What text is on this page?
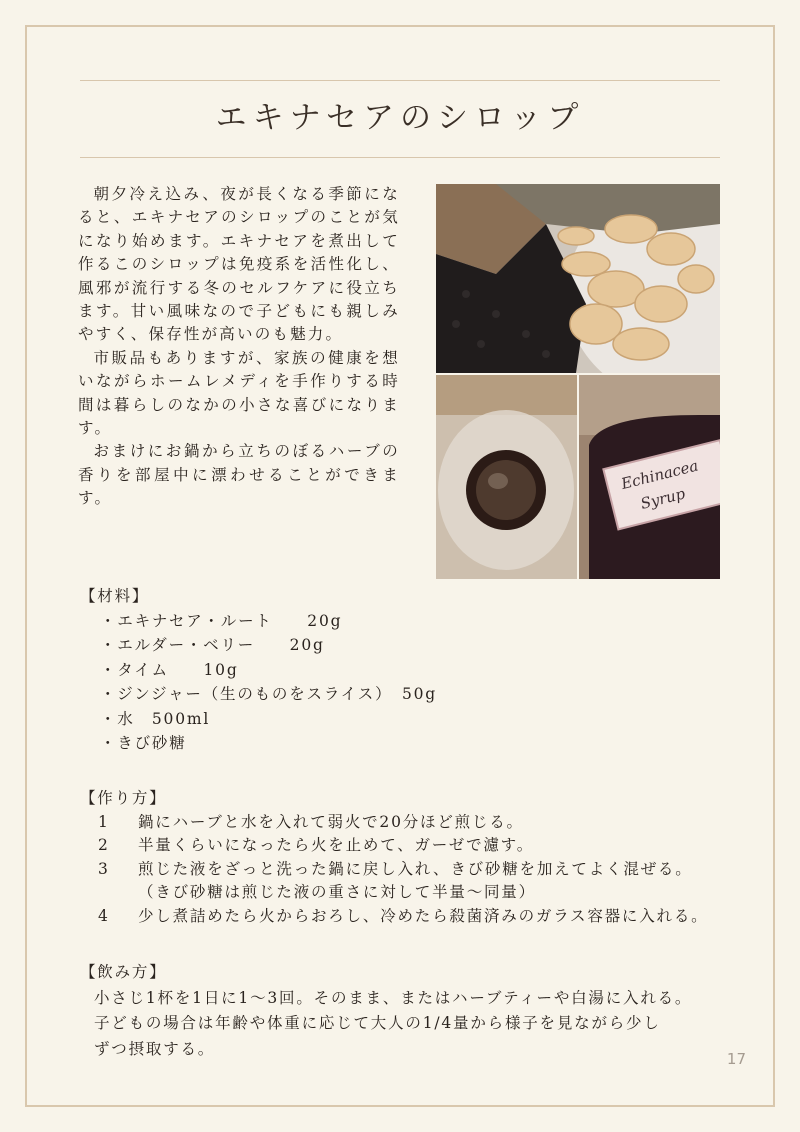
エキナセアのシロップ

朝夕冷え込み、夜が長くなる季節になると、エキナセアのシロップのことが気になり始めます。エキナセアを煮出して作るこのシロップは免疫系を活性化し、風邪が流行する冬のセルフケアに役立ちます。甘い風味なので子どもにも親しみやすく、保存性が高いのも魅力。

市販品もありますが、家族の健康を想いながらホームレメディを手作りする時間は暮らしのなかの小さな喜びになります。

おまけにお鍋から立ちのぼるハーブの香りを部屋中に漂わせることができます。

Echinacea
Syrup

【材料】

・エキナセア・ルート　　20g
・エルダー・ベリー　　20g
・タイム　　10g
・ジンジャー（生のものをスライス）　50g
・水　500ml
・きび砂糖

【作り方】

1	鍋にハーブと水を入れて弱火で20分ほど煎じる。
2	半量くらいになったら火を止めて、ガーゼで濾す。
3	煎じた液をざっと洗った鍋に戻し入れ、きび砂糖を加えてよく混ぜる。
（きび砂糖は煎じた液の重さに対して半量〜同量）
4	少し煮詰めたら火からおろし、冷めたら殺菌済みのガラス容器に入れる。

【飲み方】

小さじ1杯を1日に1〜3回。そのまま、またはハーブティーや白湯に入れる。
子どもの場合は年齢や体重に応じて大人の1/4量から様子を見ながら少し
ずつ摂取する。
17
